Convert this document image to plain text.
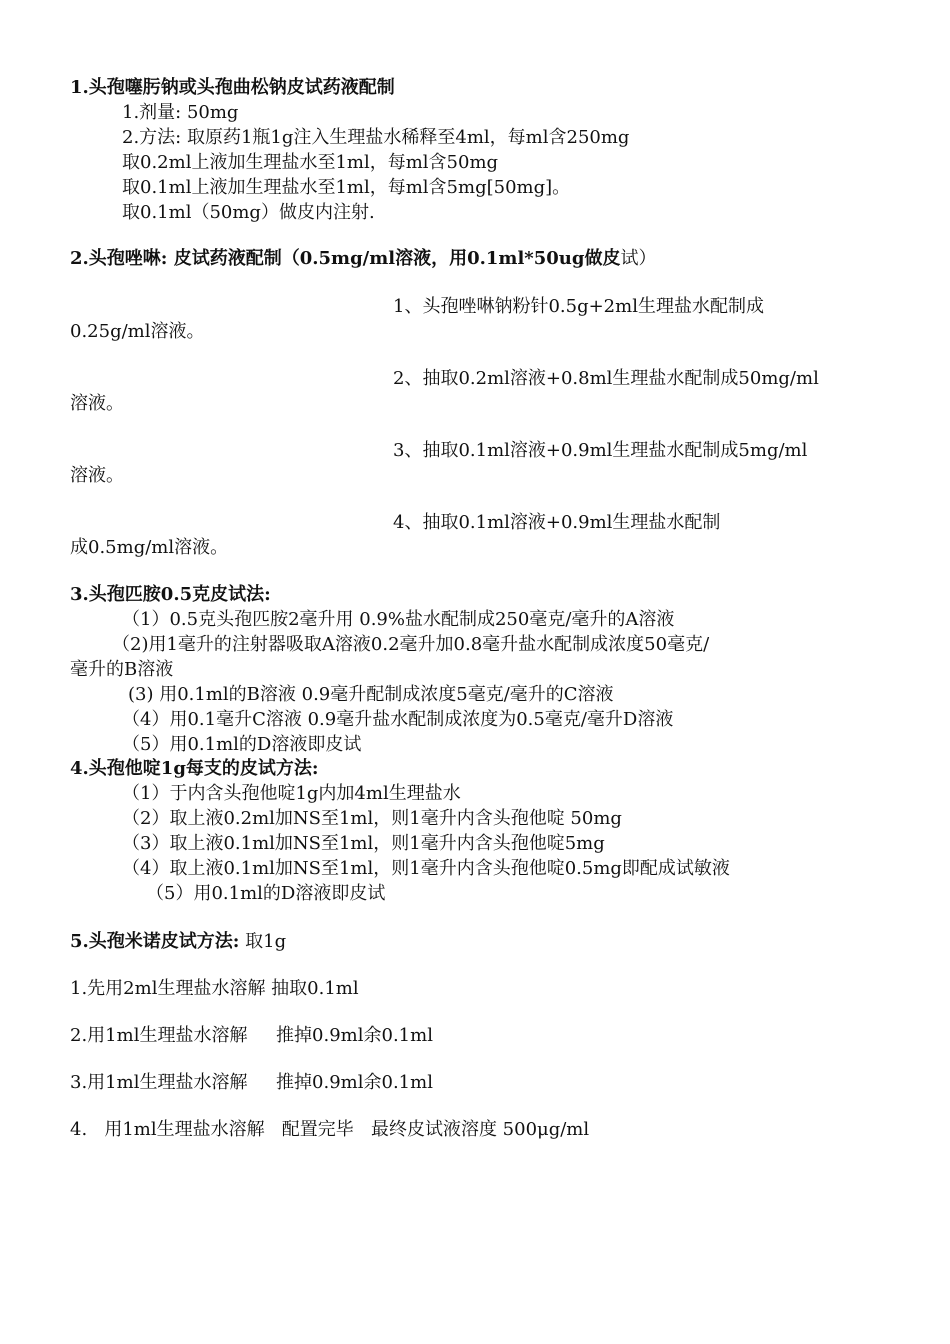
1.头孢噻肟钠或头孢曲松钠皮试药液配制

1.剂量: 50mg

2.方法: 取原药1瓶1g注入生理盐水稀释至4ml，每ml含250mg

取0.2ml上液加生理盐水至1ml，每ml含50mg

取0.1ml上液加生理盐水至1ml，每ml含5mg[50mg]。

取0.1ml（50mg）做皮内注射.

2.头孢唑啉: 皮试药液配制（0.5mg/ml溶液，用0.1ml*50ug做皮试）

1、头孢唑啉钠粉针0.5g+2ml生理盐水配制成

0.25g/ml溶液。

2、抽取0.2ml溶液+0.8ml生理盐水配制成50mg/ml

溶液。

3、抽取0.1ml溶液+0.9ml生理盐水配制成5mg/ml

溶液。

4、抽取0.1ml溶液+0.9ml生理盐水配制

成0.5mg/ml溶液。

3.头孢匹胺0.5克皮试法:

（1）0.5克头孢匹胺2毫升用 0.9%盐水配制成250毫克/毫升的A溶液

（2)用1毫升的注射器吸取A溶液0.2毫升加0.8毫升盐水配制成浓度50毫克/

毫升的B溶液

(3) 用0.1ml的B溶液 0.9毫升配制成浓度5毫克/毫升的C溶液

（4）用0.1毫升C溶液 0.9毫升盐水配制成浓度为0.5毫克/毫升D溶液

（5）用0.1ml的D溶液即皮试

4.头孢他啶1g每支的皮试方法:

（1）于内含头孢他啶1g内加4ml生理盐水

（2）取上液0.2ml加NS至1ml，则1毫升内含头孢他啶 50mg

（3）取上液0.1ml加NS至1ml，则1毫升内含头孢他啶5mg

（4）取上液0.1ml加NS至1ml，则1毫升内含头孢他啶0.5mg即配成试敏液

（5）用0.1ml的D溶液即皮试

5.头孢米诺皮试方法: 取1g

1.先用2ml生理盐水溶解 抽取0.1ml

2.用1ml生理盐水溶解     推掉0.9ml余0.1ml

3.用1ml生理盐水溶解     推掉0.9ml余0.1ml

4.   用1ml生理盐水溶解   配置完毕   最终皮试液溶度 500μg/ml
